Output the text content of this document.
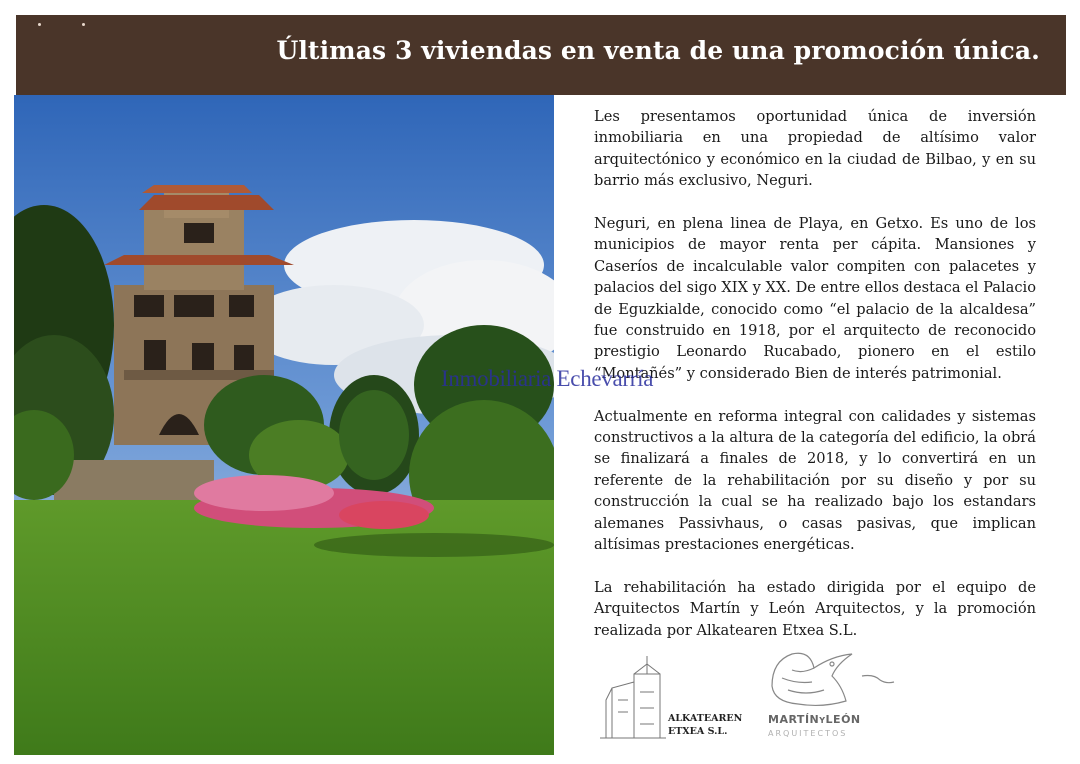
Últimas 3 viviendas en venta de una promoción única.

Les presentamos oportunidad única de inversión inmobiliaria en una propiedad de altísimo valor arquitectónico y económico en la ciudad de Bilbao, y en su barrio más exclusivo, Neguri.

Neguri, en plena linea de Playa, en Getxo. Es uno de los municipios de mayor renta per cápita. Mansiones y Caseríos de incalculable valor compiten con palacetes y palacios del sigo XIX y XX. De entre ellos destaca el Palacio de Eguzkialde, conocido como “el palacio de la alcaldesa” fue construido en 1918, por el arquitecto de reconocido prestigio Leonardo Rucabado, pionero en el estilo “Montañés” y considerado Bien de interés patrimonial.

Actualmente en reforma integral con calidades y sistemas constructivos a la altura de la categoría del edificio, la obrá se finalizará a finales de 2018, y lo convertirá en un referente de la rehabilitación por su diseño y por su construcción la cual se ha realizado bajo los estandars alemanes Passivhaus, o casas pasivas, que implican altísimas prestaciones energéticas.

La rehabilitación ha estado dirigida por el equipo de Arquitectos Martín y León Arquitectos, y la promoción realizada por Alkatearen Etxea S.L.

Inmobiliaria Echevarría
ALKATEAREN
ETXEA S.L.
MARTÍNYLEÓN
ARQUITECTOS
